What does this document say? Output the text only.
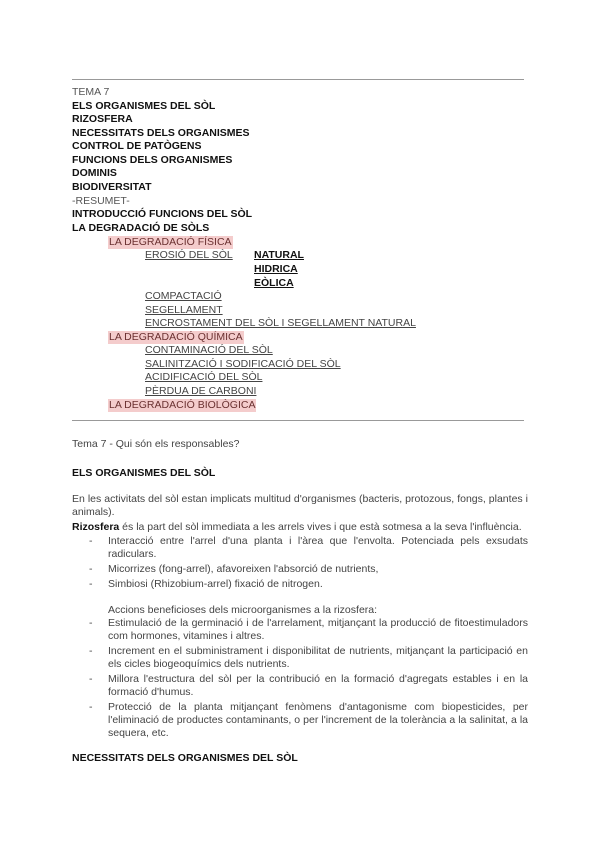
TEMA 7
ELS ORGANISMES DEL SÒL
RIZOSFERA
NECESSITATS DELS ORGANISMES
CONTROL DE PATÒGENS
FUNCIONS DELS ORGANISMES
DOMINIS
BIODIVERSITAT
-RESUMET-
INTRODUCCIÓ FUNCIONS DEL SÒL
LA DEGRADACIÓ DE SÒLS
LA DEGRADACIÓ FÍSICA
EROSIÓ DEL SÒL NATURAL
HIDRICA
EÒLICA
COMPACTACIÓ
SEGELLAMENT
ENCROSTAMENT DEL SÒL I SEGELLAMENT NATURAL
LA DEGRADACIÓ QUÍMICA
CONTAMINACIÓ DEL SÒL
SALINITZACIÓ I SODIFICACIÓ DEL SÒL
ACIDIFICACIÓ DEL SÒL
PÈRDUA DE CARBONI
LA DEGRADACIÓ BIOLÒGICA
Tema 7 - Qui són els responsables?
ELS ORGANISMES DEL SÒL
En les activitats del sòl estan implicats multitud d'organismes (bacteris, protozous, fongs, plantes i animals).
Rizosfera és la part del sòl immediata a les arrels vives i que està sotmesa a la seva l'influència.
- Interacció entre l'arrel d'una planta i l'àrea que l'envolta. Potenciada pels exsudats radiculars.
- Micorrizes (fong-arrel), afavoreixen l'absorció de nutrients,
- Simbiosi (Rhizobium-arrel) fixació de nitrogen.
Accions beneficioses dels microorganismes a la rizosfera:
- Estimulació de la germinació i de l'arrelament, mitjançant la producció de fitoestimuladors com hormones, vitamines i altres.
- Increment en el subministrament i disponibilitat de nutrients, mitjançant la participació en els cicles biogeoquímics dels nutrients.
- Millora l'estructura del sòl per la contribució en la formació d'agregats estables i en la formació d'humus.
- Protecció de la planta mitjançant fenòmens d'antagonisme com biopesticides, per l'eliminació de productes contaminants, o per l'increment de la tolerància a la salinitat, a la sequera, etc.
NECESSITATS DELS ORGANISMES DEL SÒL
